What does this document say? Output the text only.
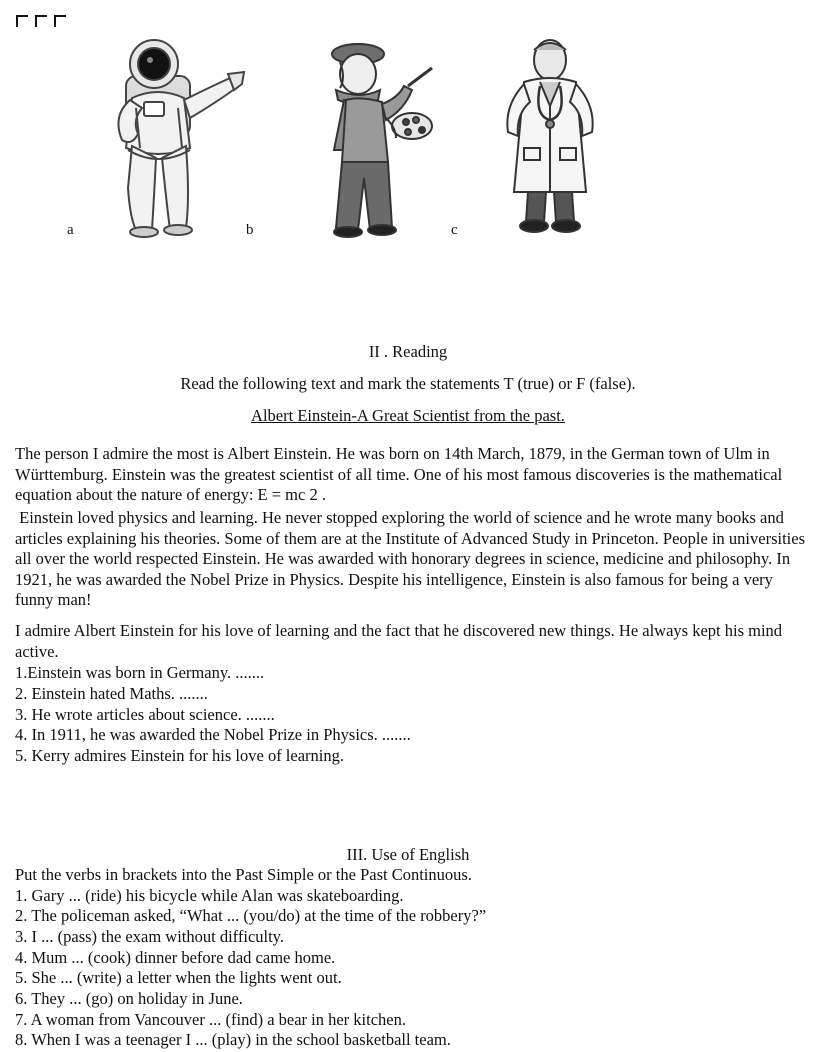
a	b	c
II . Reading
Read the following text and mark the statements T (true) or F (false).
Albert Einstein-A Great Scientist from the past.
The person I admire the most is Albert Einstein. He was born on 14th March, 1879, in the German town of Ulm in Württemburg. Einstein was the greatest scientist of all time. One of his most famous discoveries is the mathematical equation about the nature of energy: E = mc 2 .
Einstein loved physics and learning. He never stopped exploring the world of science and he wrote many books and articles explaining his theories. Some of them are at the Institute of Advanced Study in Princeton. People in universities all over the world respected Einstein. He was awarded with honorary degrees in science, medicine and philosophy. In 1921, he was awarded the Nobel Prize in Physics. Despite his intelligence, Einstein is also famous for being a very funny man!
I admire Albert Einstein for his love of learning and the fact that he discovered new things. He always kept his mind active.
1.Einstein was born in Germany. .......
2. Einstein hated Maths. .......
3. He wrote articles about science. .......
4. In 1911, he was awarded the Nobel Prize in Physics. .......
5. Kerry admires Einstein for his love of learning.
III. Use of English
Put the verbs in brackets into the Past Simple or the Past Continuous.
1. Gary ... (ride) his bicycle while Alan was skateboarding.
2. The policeman asked, “What ... (you/do) at the time of the robbery?”
3. I ... (pass) the exam without difficulty.
4. Mum ... (cook) dinner before dad came home.
5. She ... (write) a letter when the lights went out.
6. They ... (go) on holiday in June.
7. A woman from Vancouver ... (find) a bear in her kitchen.
8. When I was a teenager I ... (play) in the school basketball team.
